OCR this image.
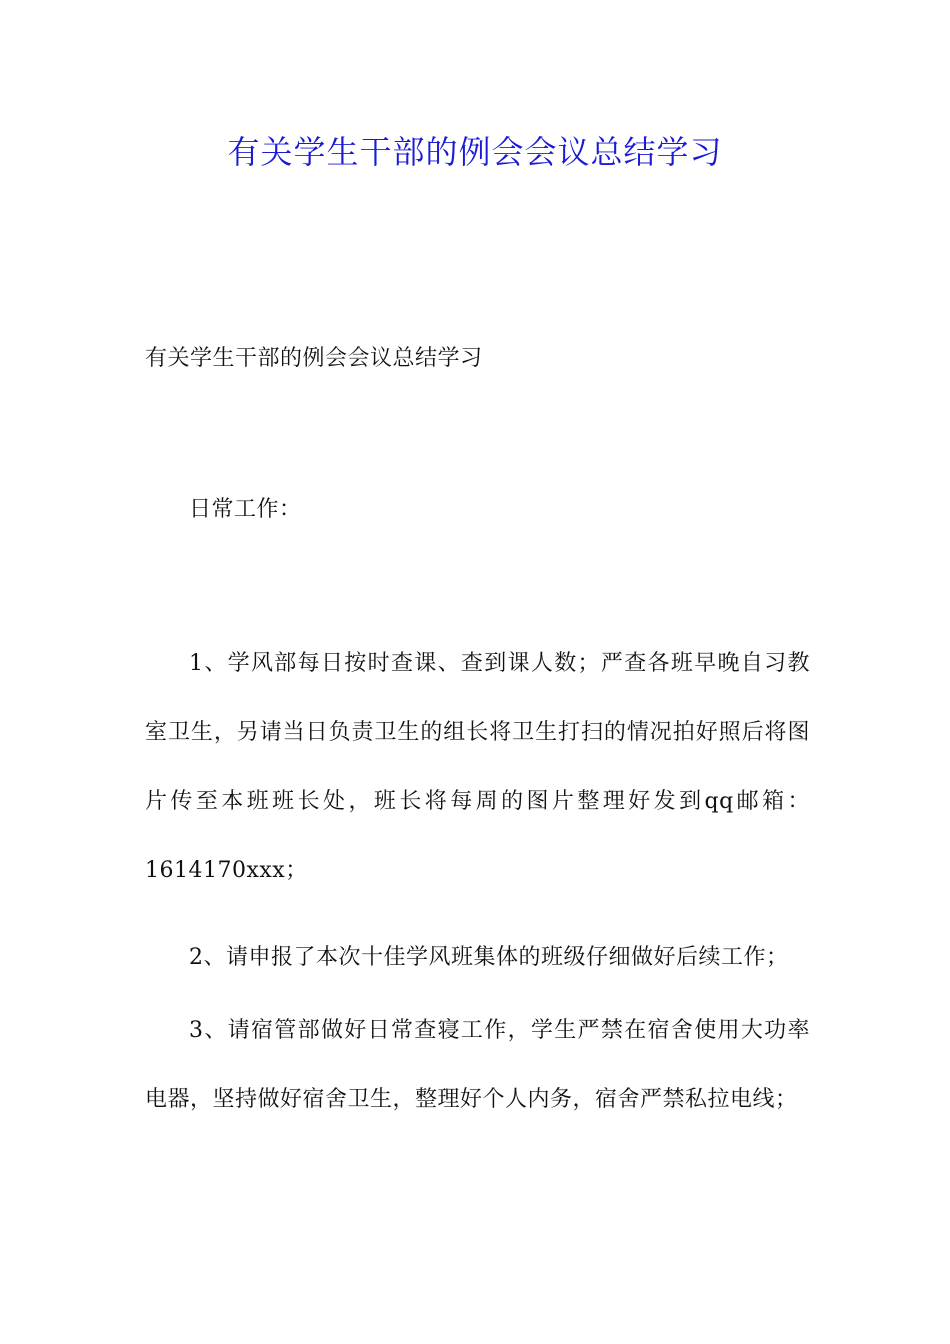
有关学生干部的例会会议总结学习
有关学生干部的例会会议总结学习
日常工作：
1、学风部每日按时查课、查到课人数；严查各班早晚自习教室卫生，另请当日负责卫生的组长将卫生打扫的情况拍好照后将图片传至本班班长处，班长将每周的图片整理好发到qq邮箱：1614170xxx；
2、请申报了本次十佳学风班集体的班级仔细做好后续工作；
3、请宿管部做好日常查寝工作，学生严禁在宿舍使用大功率电器，坚持做好宿舍卫生，整理好个人内务，宿舍严禁私拉电线；
